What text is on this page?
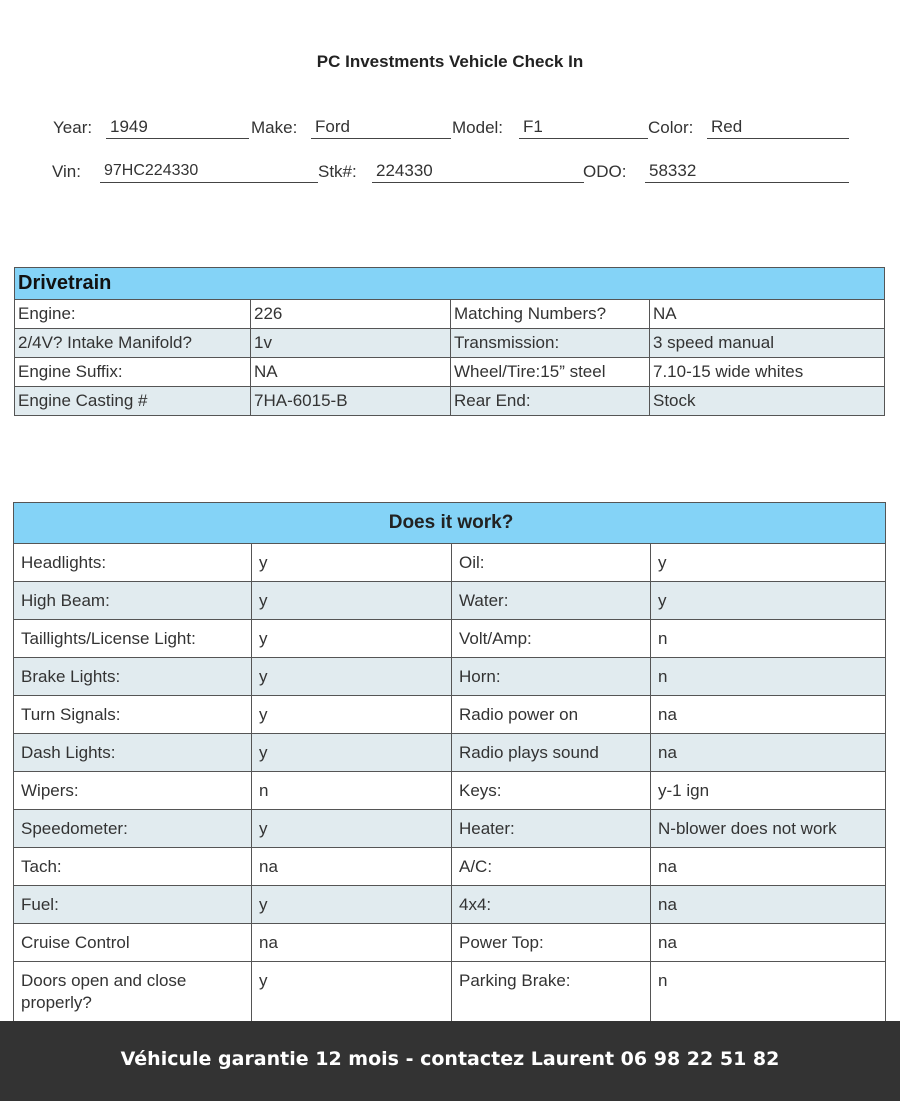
PC Investments Vehicle Check In
Year: 1949	Make: Ford	Model: F1	Color: Red
Vin: 97HC224330	Stk#: 224330	ODO: 58332
Drivetrain			
Engine:	226	Matching Numbers?	NA
2/4V? Intake Manifold?	1v	Transmission:	3 speed manual
Engine Suffix:	NA	Wheel/Tire:15” steel	7.10-15 wide whites
Engine Casting #	7HA-6015-B	Rear End:	Stock
Does it work?			
Headlights:	y	Oil:	y
High Beam:	y	Water:	y
Taillights/License Light:	y	Volt/Amp:	n
Brake Lights:	y	Horn:	n
Turn Signals:	y	Radio power on	na
Dash Lights:	y	Radio plays sound	na
Wipers:	n	Keys:	y-1 ign
Speedometer:	y	Heater:	N-blower does not work
Tach:	na	A/C:	na
Fuel:	y	4x4:	na
Cruise Control	na	Power Top:	na
Doors open and close properly?	y	Parking Brake:	n
Véhicule garantie 12 mois - contactez Laurent 06 98 22 51 82
